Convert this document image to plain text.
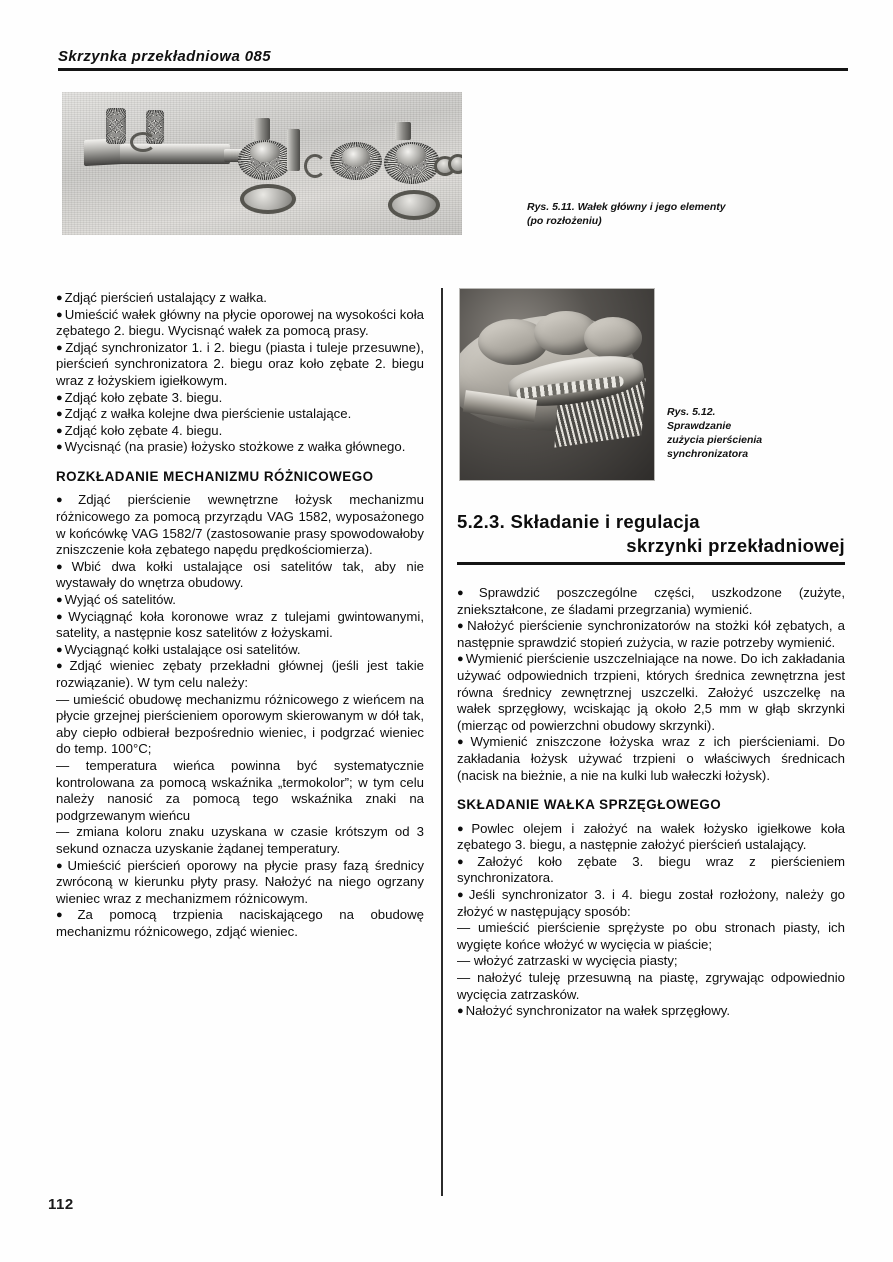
Skrzynka przekładniowa 085
Rys. 5.11. Wałek główny i jego elementy
(po rozłożeniu)

● Zdjąć pierścień ustalający z wałka.

● Umieścić wałek główny na płycie oporowej na wysokości koła zębatego 2. biegu. Wycisnąć wałek za pomocą prasy.

● Zdjąć synchronizator 1. i 2. biegu (piasta i tuleje przesuwne), pierścień synchronizatora 2. biegu oraz koło zębate 2. biegu wraz z łożyskiem igiełkowym.

● Zdjąć koło zębate 3. biegu.

● Zdjąć z wałka kolejne dwa pierścienie ustalające.

● Zdjąć koło zębate 4. biegu.

● Wycisnąć (na prasie) łożysko stożkowe z wałka głównego.

ROZKŁADANIE MECHANIZMU RÓŻNICOWEGO

● Zdjąć pierścienie wewnętrzne łożysk mechanizmu różnicowego za pomocą przyrządu VAG 1582, wyposażonego w końcówkę VAG 1582/7 (zastosowanie prasy spowodowałoby zniszczenie koła zębatego napędu prędkościomierza).

● Wbić dwa kołki ustalające osi satelitów tak, aby nie wystawały do wnętrza obudowy.

● Wyjąć oś satelitów.

● Wyciągnąć koła koronowe wraz z tulejami gwintowanymi, satelity, a następnie kosz satelitów z łożyskami.

● Wyciągnąć kołki ustalające osi satelitów.

● Zdjąć wieniec zębaty przekładni głównej (jeśli jest takie rozwiązanie). W tym celu należy:

— umieścić obudowę mechanizmu różnicowego z wieńcem na płycie grzejnej pierścieniem oporowym skierowanym w dół tak, aby ciepło odbierał bezpośrednio wieniec, i podgrzać wieniec do temp. 100°C;

— temperatura wieńca powinna być systematycznie kontrolowana za pomocą wskaźnika „termokolor”; w tym celu należy nanosić za pomocą tego wskaźnika znaki na podgrzewanym wieńcu

— zmiana koloru znaku uzyskana w czasie krótszym od 3 sekund oznacza uzyskanie żądanej temperatury.

● Umieścić pierścień oporowy na płycie prasy fazą średnicy zwróconą w kierunku płyty prasy. Nałożyć na niego ogrzany wieniec wraz z mechanizmem różnicowym.

● Za pomocą trzpienia naciskającego na obudowę mechanizmu różnicowego, zdjąć wieniec.

Rys. 5.12.
Sprawdzanie
zużycia pierścienia
synchronizatora
5.2.3. Składanie i regulacja
skrzynki przekładniowej

● Sprawdzić poszczególne części, uszkodzone (zużyte, zniekształcone, ze śladami przegrzania) wymienić.

● Nałożyć pierścienie synchronizatorów na stożki kół zębatych, a następnie sprawdzić stopień zużycia, w razie potrzeby wymienić.

● Wymienić pierścienie uszczelniające na nowe. Do ich zakładania używać odpowiednich trzpieni, których średnica zewnętrzna jest równa średnicy zewnętrznej uszczelki. Założyć uszczelkę na wałek sprzęgłowy, wciskając ją około 2,5 mm w głąb skrzynki (mierząc od powierzchni obudowy skrzynki).

● Wymienić zniszczone łożyska wraz z ich pierścieniami. Do zakładania łożysk używać trzpieni o właściwych średnicach (nacisk na bieżnie, a nie na kulki lub wałeczki łożysk).

SKŁADANIE WAŁKA SPRZĘGŁOWEGO

● Powlec olejem i założyć na wałek łożysko igiełkowe koła zębatego 3. biegu, a następnie założyć pierścień ustalający.

● Założyć koło zębate 3. biegu wraz z pierścieniem synchronizatora.

● Jeśli synchronizator 3. i 4. biegu został rozłożony, należy go złożyć w następujący sposób:

— umieścić pierścienie sprężyste po obu stronach piasty, ich wygięte końce włożyć w wycięcia w piaście;

— włożyć zatrzaski w wycięcia piasty;

— nałożyć tuleję przesuwną na piastę, zgrywając odpowiednio wycięcia zatrzasków.

● Nałożyć synchronizator na wałek sprzęgłowy.

112
